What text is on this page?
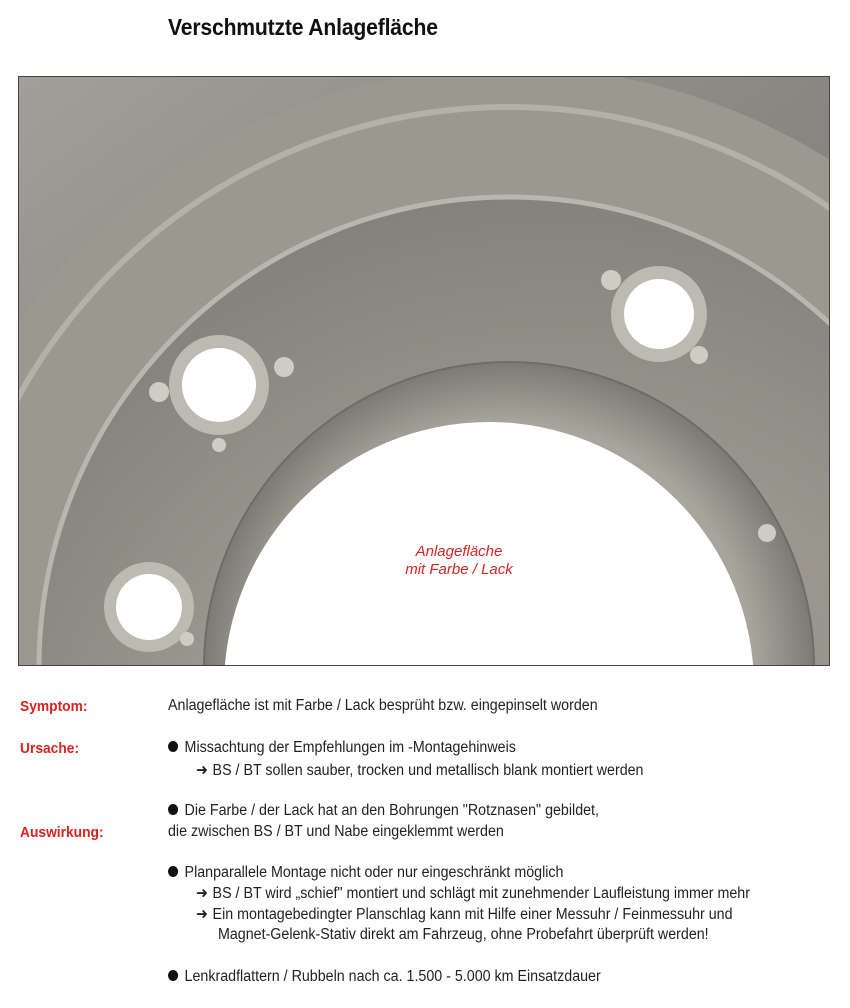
Verschmutzte Anlagefläche
Anlagefläche
mit Farbe / Lack
Symptom:	Anlagefläche ist mit Farbe / Lack besprüht bzw. eingepinselt worden
Ursache:	Missachtung der Empfehlungen im -Montagehinweis
➜ BS / BT sollen sauber, trocken und metallisch blank montiert werden
Die Farbe / der Lack hat an den Bohrungen "Rotznasen" gebildet,
die zwischen BS / BT und Nabe eingeklemmt werden
Auswirkung:
Planparallele Montage nicht oder nur eingeschränkt möglich
➜ BS / BT wird „schief" montiert und schlägt mit zunehmender Laufleistung immer mehr
➜ Ein montagebedingter Planschlag kann mit Hilfe einer Messuhr / Feinmessuhr und
Magnet-Gelenk-Stativ direkt am Fahrzeug, ohne Probefahrt überprüft werden!
Lenkradflattern / Rubbeln nach ca. 1.500 - 5.000 km Einsatzdauer
